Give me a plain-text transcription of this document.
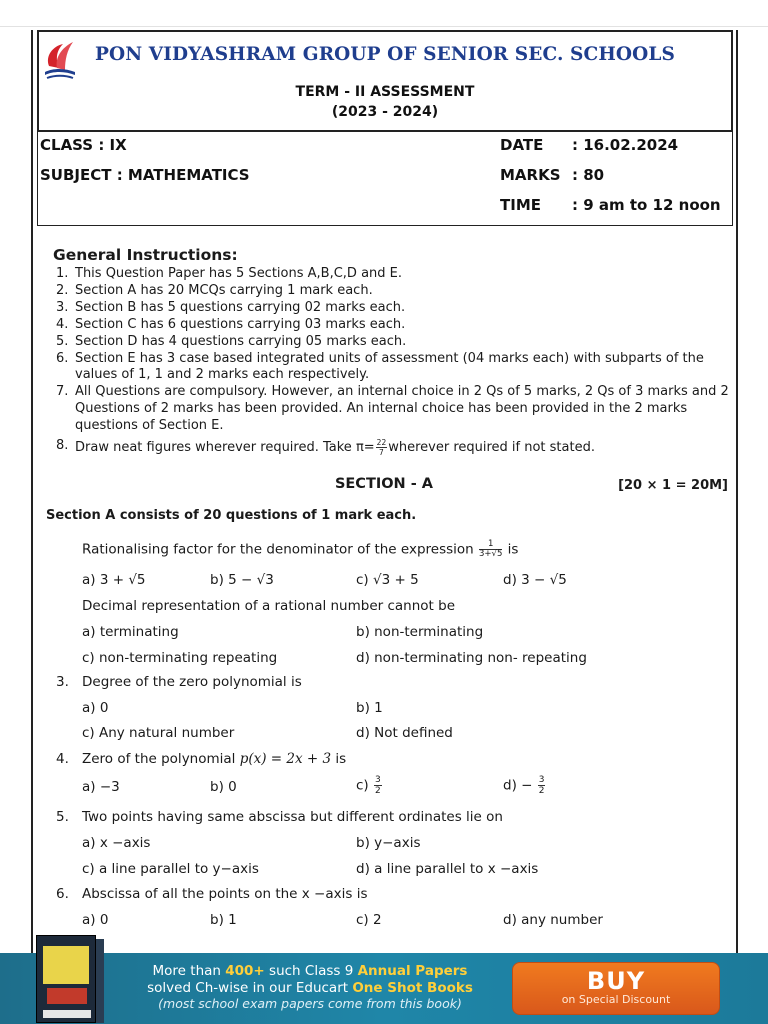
PON VIDYASHRAM GROUP OF SENIOR SEC. SCHOOLS
TERM - II ASSESSMENT
(2023 - 2024)
CLASS : IX
SUBJECT : MATHEMATICS
DATE : 16.02.2024
MARKS : 80
TIME : 9 am to 12 noon
General Instructions:
1. This Question Paper has 5 Sections A,B,C,D and E.
2. Section A has 20 MCQs carrying 1 mark each.
3. Section B has 5 questions carrying 02 marks each.
4. Section C has 6 questions carrying 03 marks each.
5. Section D has 4 questions carrying 05 marks each.
6. Section E has 3 case based integrated units of assessment (04 marks each) with subparts of the values of 1, 1 and 2 marks each respectively.
7. All Questions are compulsory. However, an internal choice in 2 Qs of 5 marks, 2 Qs of 3 marks and 2 Questions of 2 marks has been provided. An internal choice has been provided in the 2 marks questions of Section E.
8. Draw neat figures wherever required. Take $\pi= \frac{22}{7}$ wherever required if not stated.
SECTION - A	[20 × 1 = 20M]
Section A consists of 20 questions of 1 mark each.
Rationalising factor for the denominator of the expression $\frac{1}{3+√5}$ is
a) 3 + √5	b) 5 − √3	c) √3 + 5	d) 3 − √5
Decimal representation of a rational number cannot be
a) terminating	b) non-terminating
c) non-terminating repeating	d) non-terminating non- repeating
3. Degree of the zero polynomial is
a) 0	b) 1
c) Any natural number	d) Not defined
4. Zero of the polynomial p(x) = 2x + 3 is
a) −3	b) 0	$c) \frac{3}{2}$	$d) - \frac{3}{2}$
5. Two points having same abscissa but different ordinates lie on
a) x −axis	b) y−axis
c) a line parallel to y−axis	d) a line parallel to x −axis
6. Abscissa of all the points on the x −axis is
a) 0	b) 1	c) 2	d) any number
More than 400+ such Class 9 Annual Papers
solved Ch-wise in our Educart One Shot Books
(most school exam papers come from this book)
BUY
on Special Discount
